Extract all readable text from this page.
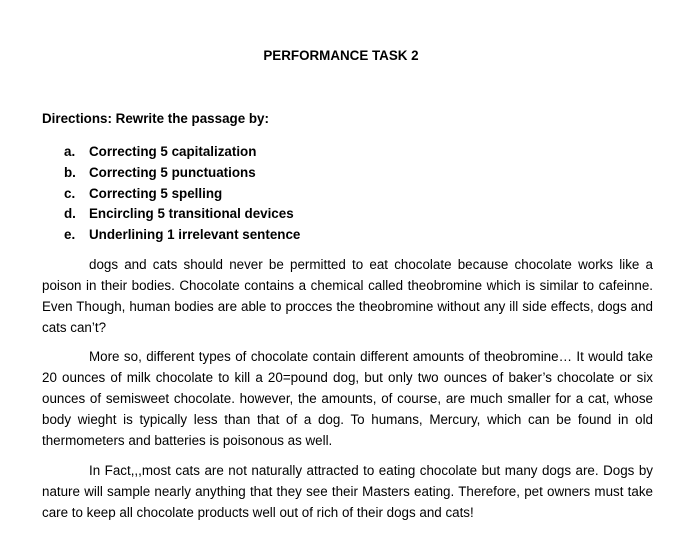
PERFORMANCE TASK 2
Directions: Rewrite the passage by:
a. Correcting 5 capitalization
b. Correcting 5 punctuations
c. Correcting 5 spelling
d. Encircling 5 transitional devices
e. Underlining 1 irrelevant sentence

dogs and cats should never be permitted to eat chocolate because chocolate works like a poison in their bodies. Chocolate contains a chemical called theobromine which is similar to cafeinne. Even Though, human bodies are able to procces the theobromine without any ill side effects, dogs and cats can’t?

More so, different types of chocolate contain different amounts of theobromine… It would take 20 ounces of milk chocolate to kill a 20=pound dog, but only two ounces of baker’s chocolate or six ounces of semisweet chocolate. however, the amounts, of course, are much smaller for a cat, whose body wieght is typically less than that of a dog. To humans, Mercury, which can be found in old thermometers and batteries is poisonous as well.

In Fact,,,most cats are not naturally attracted to eating chocolate but many dogs are. Dogs by nature will sample nearly anything that they see their Masters eating. Therefore, pet owners must take care to keep all chocolate products well out of rich of their dogs and cats!
